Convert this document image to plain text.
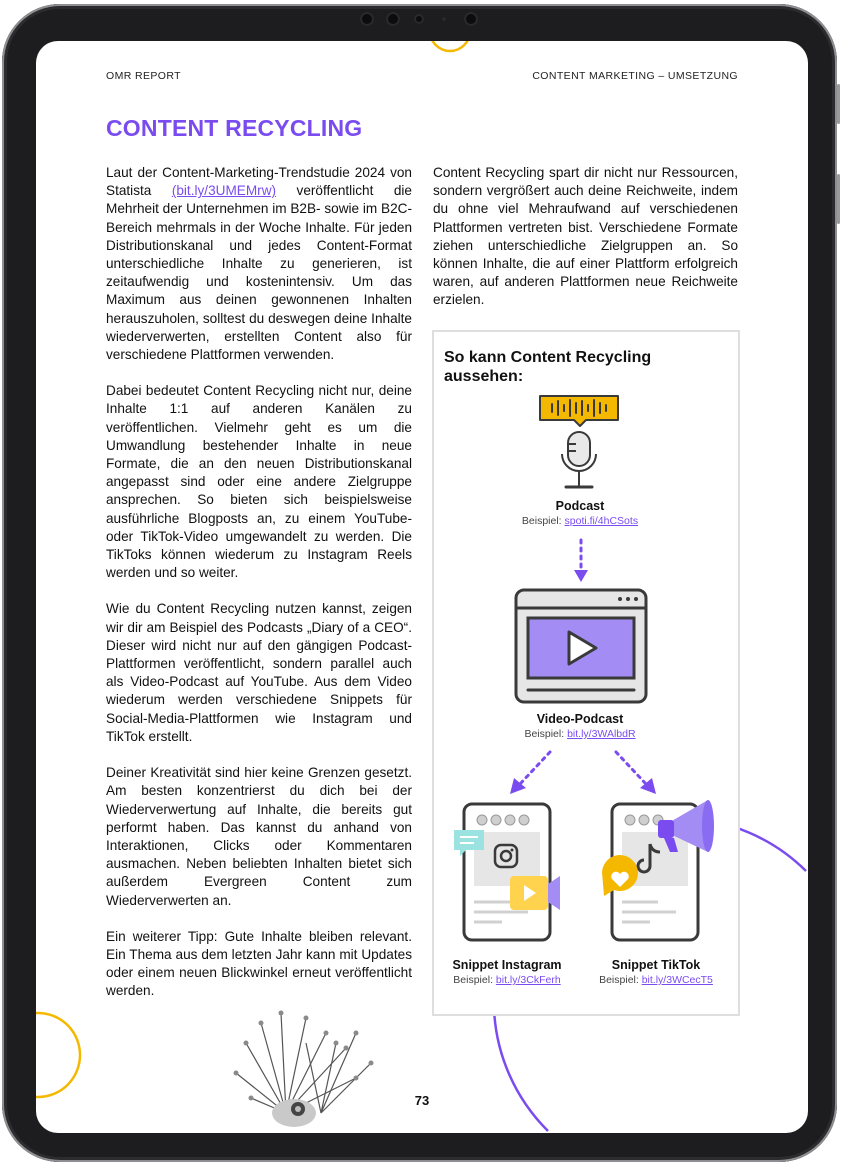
OMR REPORT	CONTENT MARKETING – UMSETZUNG
CONTENT RECYCLING

Laut der Content-Marketing-Trendstudie 2024 von Statista (bit.ly/3UMEMrw) veröffentlicht die Mehrheit der Unternehmen im B2B- sowie im B2C-Bereich mehrmals in der Woche Inhalte. Für jeden Distributionskanal und jedes Content-Format unterschiedliche Inhalte zu generieren, ist zeitaufwendig und kostenintensiv. Um das Maximum aus deinen gewonnenen Inhalten herauszuholen, solltest du deswegen deine Inhalte wiederverwerten, erstellten Content also für verschiedene Plattformen verwenden.

Dabei bedeutet Content Recycling nicht nur, deine Inhalte 1:1 auf anderen Kanälen zu veröffentlichen. Vielmehr geht es um die Umwandlung bestehender Inhalte in neue Formate, die an den neuen Distributionskanal angepasst sind oder eine andere Zielgruppe ansprechen. So bieten sich beispielsweise ausführliche Blogposts an, zu einem YouTube- oder TikTok-Video umgewandelt zu werden. Die TikToks können wiederum zu Instagram Reels werden und so weiter.

Wie du Content Recycling nutzen kannst, zeigen wir dir am Beispiel des Podcasts „Diary of a CEO“. Dieser wird nicht nur auf den gängigen Podcast-Plattformen veröffentlicht, sondern parallel auch als Video-Podcast auf YouTube. Aus dem Video wiederum werden verschiedene Snippets für Social-Media-Plattformen wie Instagram und TikTok erstellt.

Deiner Kreativität sind hier keine Grenzen gesetzt. Am besten konzentrierst du dich bei der Wiederverwertung auf Inhalte, die bereits gut performt haben. Das kannst du anhand von Interaktionen, Clicks oder Kommentaren ausmachen. Neben beliebten Inhalten bietet sich außerdem Evergreen Content zum Wiederverwerten an.

Ein weiterer Tipp: Gute Inhalte bleiben relevant. Ein Thema aus dem letzten Jahr kann mit Updates oder einem neuen Blickwinkel erneut veröffentlicht werden.

Content Recycling spart dir nicht nur Ressourcen, sondern vergrößert auch deine Reichweite, indem du ohne viel Mehraufwand auf verschiedenen Plattformen vertreten bist. Verschiedene Formate ziehen unterschiedliche Zielgruppen an. So können Inhalte, die auf einer Plattform erfolgreich waren, auf anderen Plattformen neue Reichweite erzielen.

So kann Content Recycling aussehen:
Podcast
Beispiel: spoti.fi/4hCSots
Video-Podcast
Beispiel: bit.ly/3WAlbdR
Snippet Instagram
Beispiel: bit.ly/3CkFerh
Snippet TikTok
Beispiel: bit.ly/3WCecT5
73
